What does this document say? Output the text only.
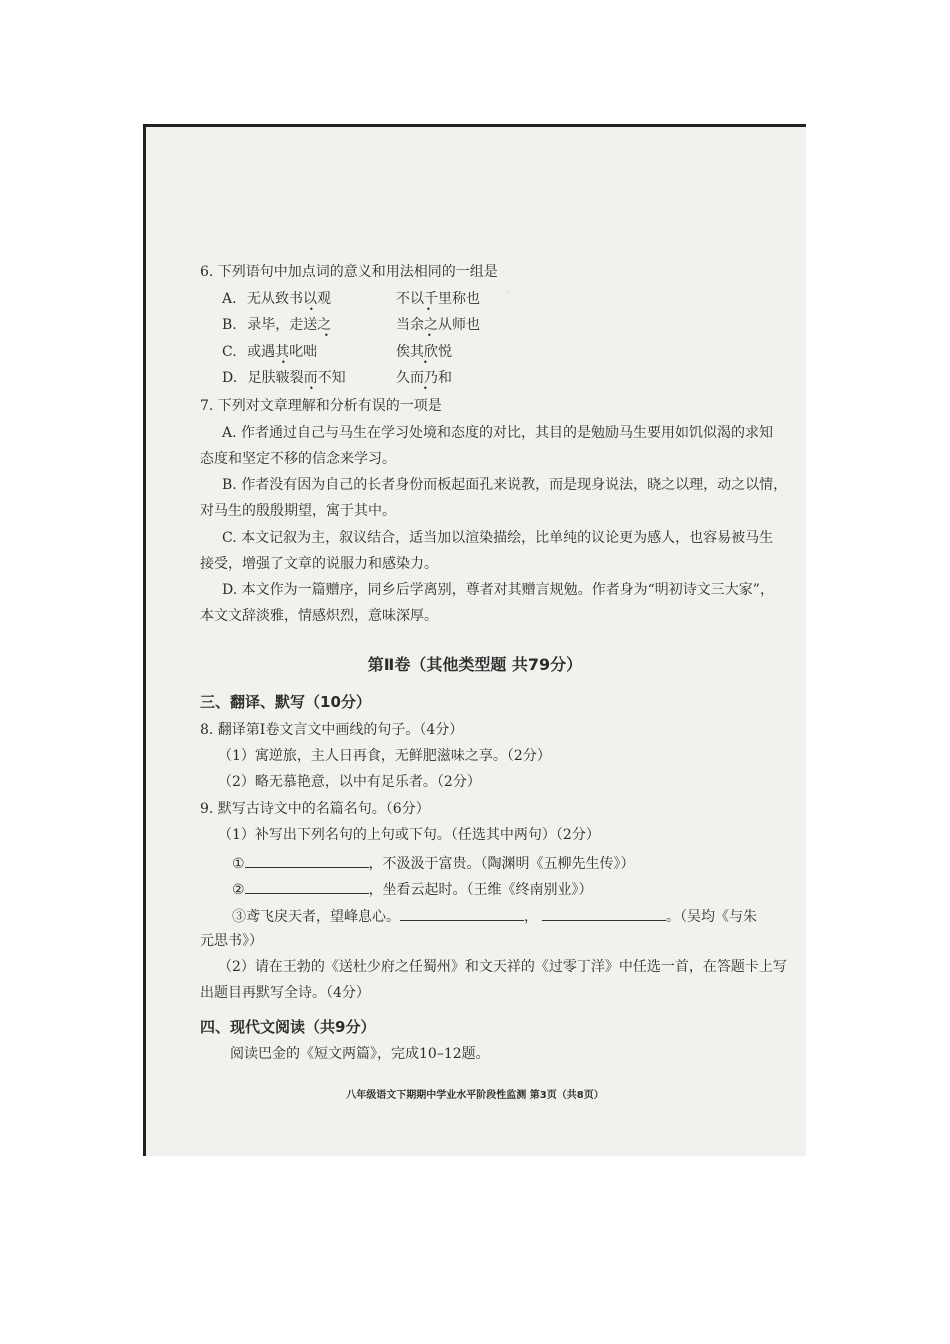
。
6. 下列语句中加点词的意义和用法相同的一组是
A. 无从致书以观	不以千里称也
B. 录毕，走送之	当余之从师也
C. 或遇其叱咄	俟其欣悦
D. 足肤皲裂而不知	久而乃和
•	•
•	•
•	•
•	•
7. 下列对文章理解和分析有误的一项是
A. 作者通过自己与马生在学习处境和态度的对比，其目的是勉励马生要用如饥似渴的求知
态度和坚定不移的信念来学习。
B. 作者没有因为自己的长者身份而板起面孔来说教，而是现身说法，晓之以理，动之以情，
对马生的殷殷期望，寓于其中。
C. 本文记叙为主，叙议结合，适当加以渲染描绘，比单纯的议论更为感人，也容易被马生
接受，增强了文章的说服力和感染力。
D. 本文作为一篇赠序，同乡后学离别，尊者对其赠言规勉。作者身为“明初诗文三大家”，
本文文辞淡雅，情感炽烈，意味深厚。
第Ⅱ卷（其他类型题 共79分）
三、翻译、默写（10分）
8. 翻译第Ⅰ卷文言文中画线的句子。（4分）
（1）寓逆旅，主人日再食，无鲜肥滋味之享。（2分）
（2）略无慕艳意，以中有足乐者。（2分）
9. 默写古诗文中的名篇名句。（6分）
（1）补写出下列名句的上句或下句。（任选其中两句）（2分）
①	，不汲汲于富贵。（陶渊明《五柳先生传》）
②	，坐看云起时。（王维《终南别业》）
③鸢飞戾天者，望峰息心。	，	。（吴均《与朱
元思书》）
（2）请在王勃的《送杜少府之任蜀州》和文天祥的《过零丁洋》中任选一首，在答题卡上写
出题目再默写全诗。（4分）
四、现代文阅读（共9分）
阅读巴金的《短文两篇》，完成10–12题。
八年级语文下期期中学业水平阶段性监测 第3页（共8页）
